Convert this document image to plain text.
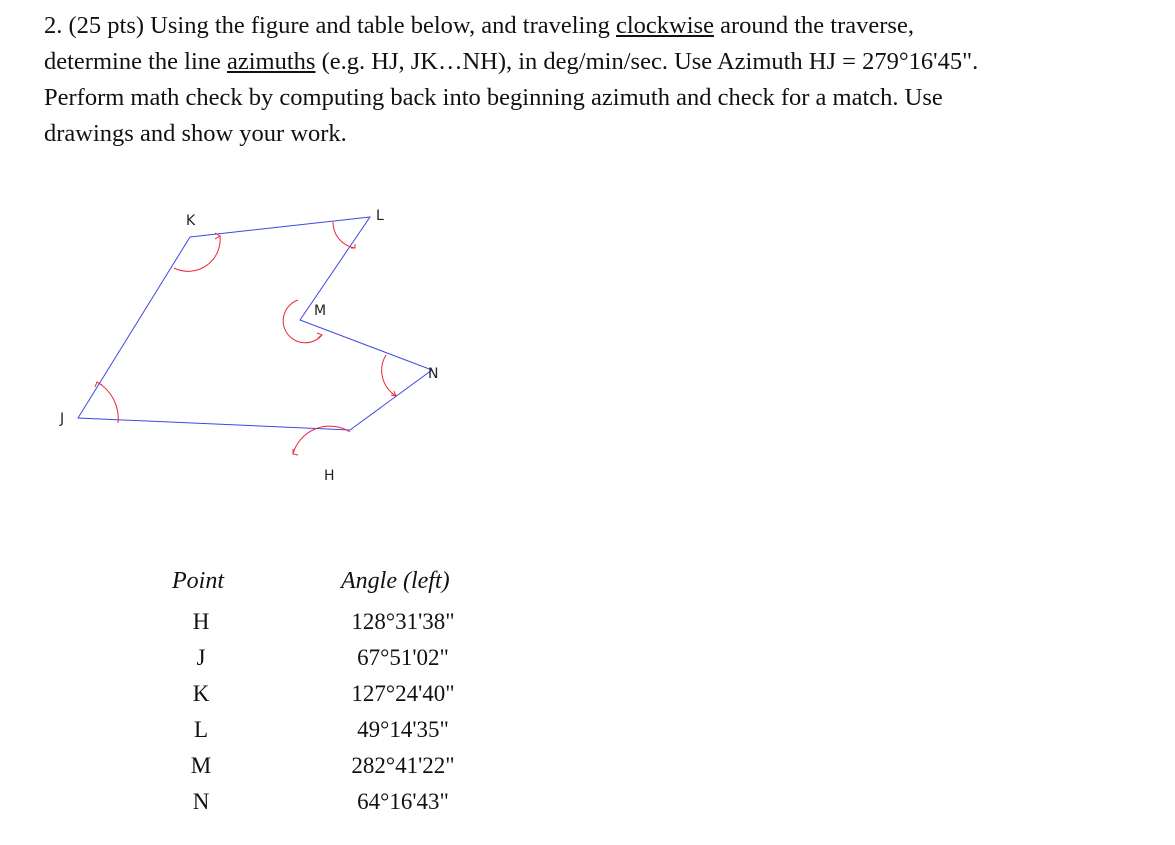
2. (25 pts) Using the figure and table below, and traveling clockwise around the traverse,
determine the line azimuths (e.g. HJ, JK…NH), in deg/min/sec. Use Azimuth HJ = 279°16'45".
Perform math check by computing back into beginning azimuth and check for a match. Use
drawings and show your work.
K	L
M
N
J
H
Point	Angle (left)
H
J
K
L
M
N
128°31'38"
67°51'02"
127°24'40"
49°14'35"
282°41'22"
64°16'43"
